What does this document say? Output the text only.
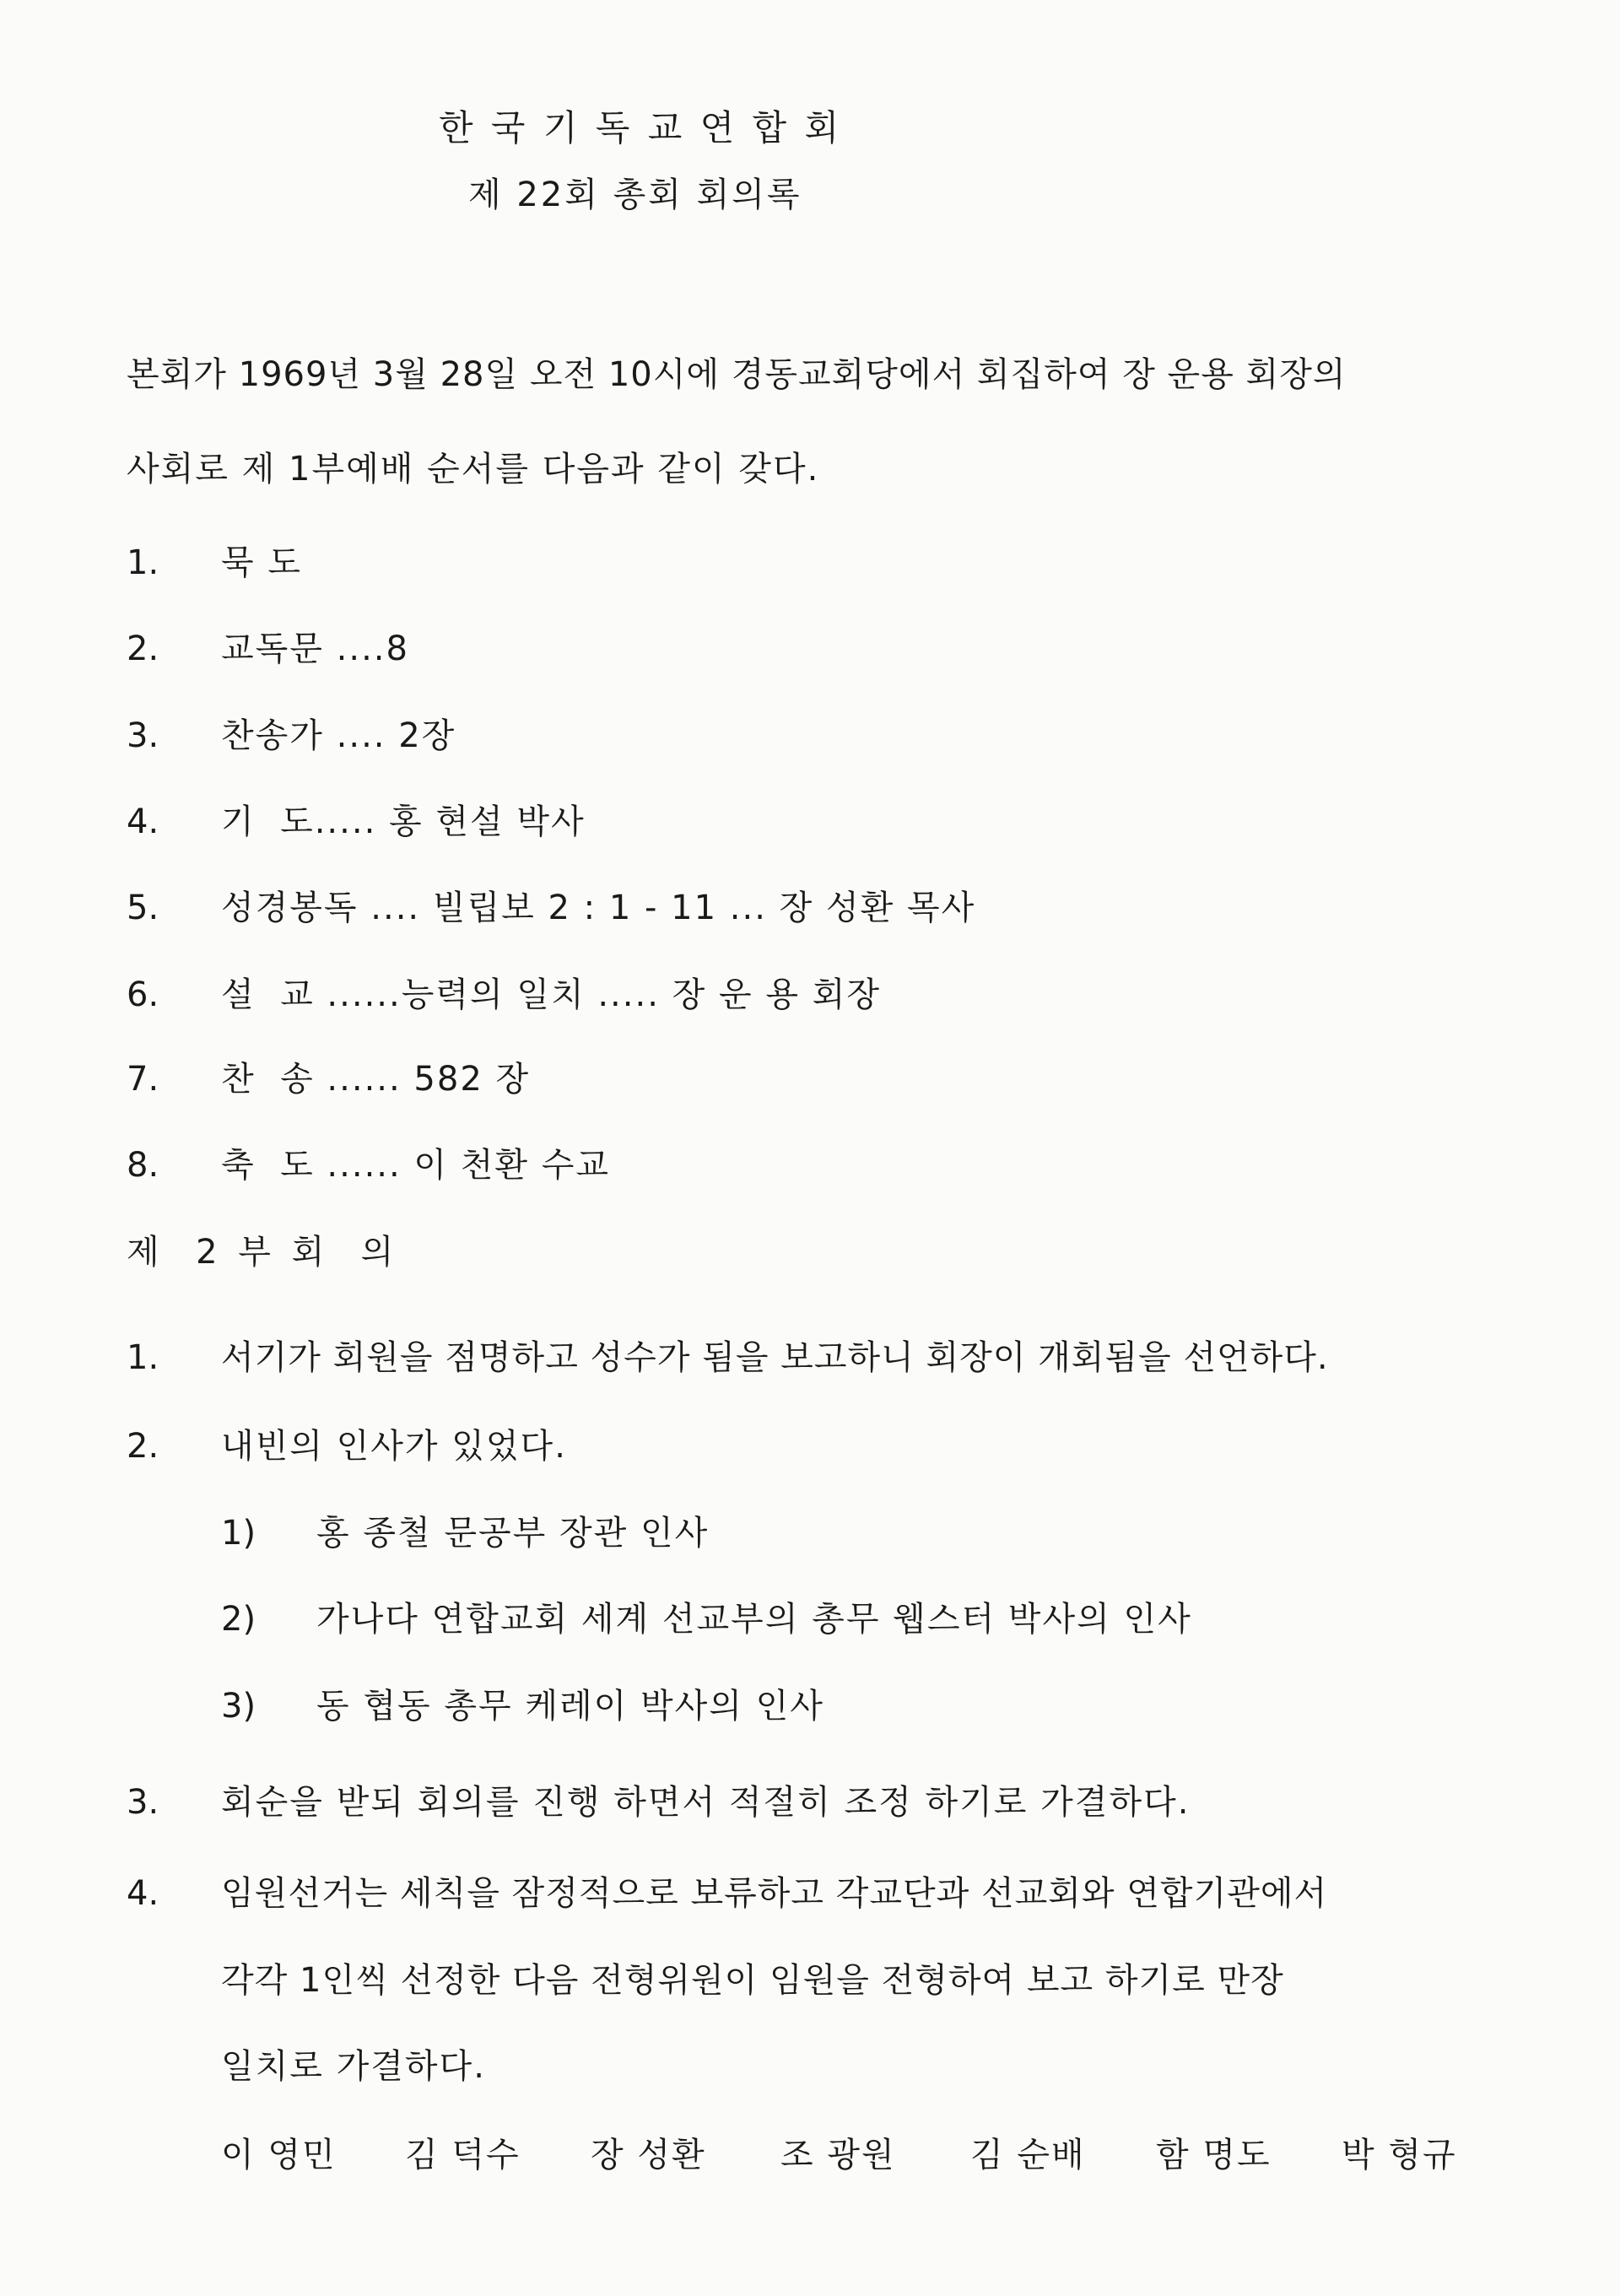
한 국 기 독 교 연 합 회
제 22회 총회 회의록
본회가 1969년 3월 28일 오전 10시에 경동교회당에서 회집하여 장 운용 회장의
사회로 제 1부예배 순서를 다음과 같이 갖다.
1. 묵 도
2. 교독문 ....8
3. 찬송가 .... 2장
4. 기  도..... 홍 현설 박사
5. 성경봉독 .... 빌립보 2 : 1 - 11 ... 장 성환 목사
6. 설  교 ......능력의 일치 ..... 장 운 용 회장
7. 찬  송 ...... 582 장
8. 축  도 ...... 이 천환 수교
제  2 부 회  의
1. 서기가 회원을 점명하고 성수가 됨을 보고하니 회장이 개회됨을 선언하다.
2. 내빈의 인사가 있었다.
1) 홍 종철 문공부 장관 인사
2) 가나다 연합교회 세계 선교부의 총무 웹스터 박사의 인사
3) 동 협동 총무 케레이 박사의 인사
3. 회순을 받되 회의를 진행 하면서 적절히 조정 하기로 가결하다.
4. 임원선거는 세칙을 잠정적으로 보류하고 각교단과 선교회와 연합기관에서
각각 1인씩 선정한 다음 전형위원이 임원을 전형하여 보고 하기로 만장
일치로 가결하다.
이 영민 김 덕수 장 성환 조 광원 김 순배 함 명도 박 형규
